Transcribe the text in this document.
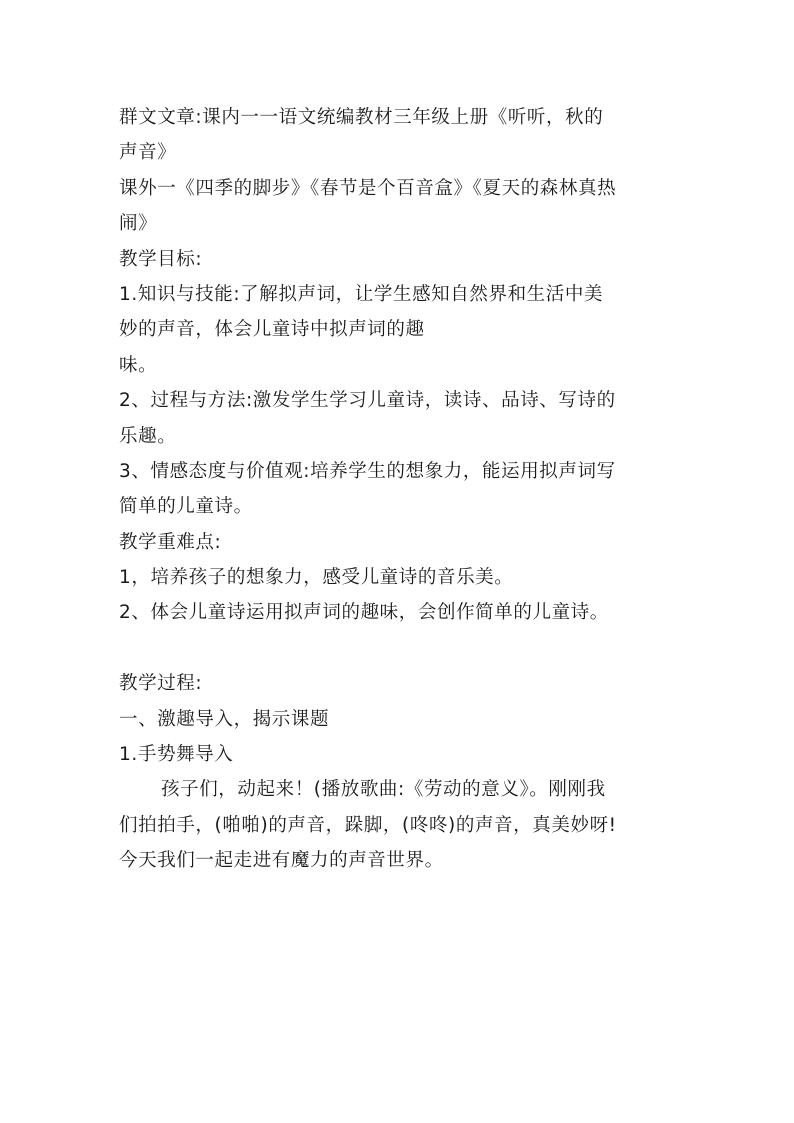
群文文章:课内一一语文统编教材三年级上册《听听，秋的
声音》
课外一《四季的脚步》《春节是个百音盒》《夏天的森林真热
闹》
教学目标:
1.知识与技能:了解拟声词，让学生感知自然界和生活中美
妙的声音，体会儿童诗中拟声词的趣
味。
2、过程与方法:激发学生学习儿童诗，读诗、品诗、写诗的
乐趣。
3、情感态度与价值观:培养学生的想象力，能运用拟声词写
简单的儿童诗。
教学重难点:
1，培养孩子的想象力，感受儿童诗的音乐美。
2、体会儿童诗运用拟声词的趣味，会创作简单的儿童诗。
教学过程:
一、激趣导入，揭示课题
1.手势舞导入
孩子们，动起来！(播放歌曲:《劳动的意义》。刚刚我
们拍拍手，(啪啪)的声音，跺脚，(咚咚)的声音，真美妙呀!
今天我们一起走进有魔力的声音世界。
